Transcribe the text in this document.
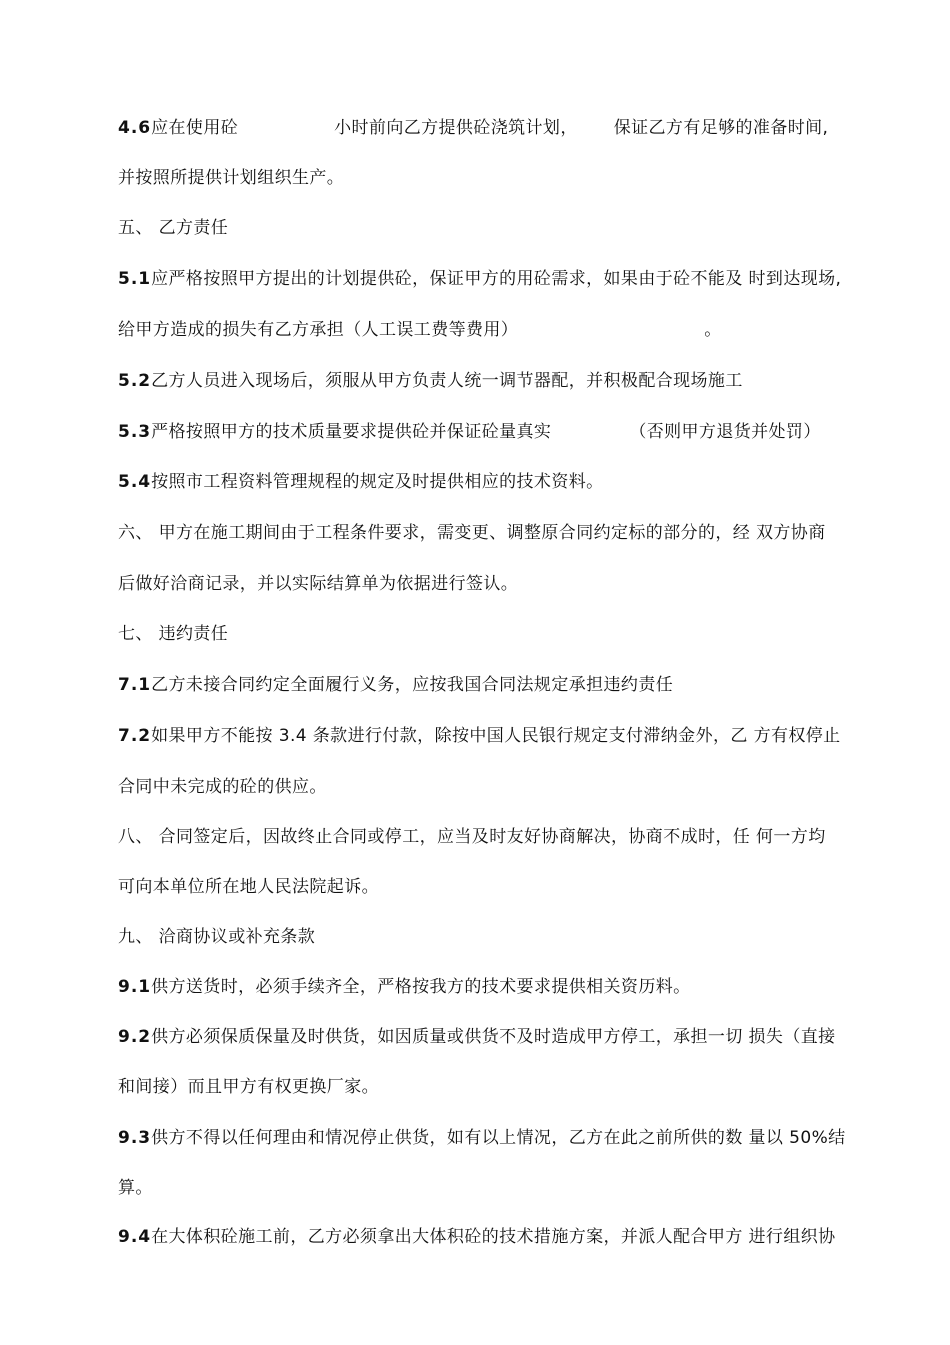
4.6应在使用砼	小时前向乙方提供砼浇筑计划， 保证乙方有足够的准备时间,
并按照所提供计划组织生产。
五、 乙方责任
5.1应严格按照甲方提出的计划提供砼，保证甲方的用砼需求，如果由于砼不能及 时到达现场,
给甲方造成的损失有乙方承担（人工误工费等费用）	。
5.2乙方人员进入现场后，须服从甲方负责人统一调节器配，并积极配合现场施工
5.3严格按照甲方的技术质量要求提供砼并保证砼量真实	（否则甲方退货并处罚）
5.4按照市工程资料管理规程的规定及时提供相应的技术资料。
六、 甲方在施工期间由于工程条件要求，需变更、调整原合同约定标的部分的，经 双方协商
后做好洽商记录，并以实际结算单为依据进行签认。
七、 违约责任
7.1乙方未接合同约定全面履行义务，应按我国合同法规定承担违约责任
7.2如果甲方不能按 3.4 条款进行付款，除按中国人民银行规定支付滞纳金外，乙 方有权停止
合同中未完成的砼的供应。
八、 合同签定后，因故终止合同或停工，应当及时友好协商解决，协商不成时，任 何一方均
可向本单位所在地人民法院起诉。
九、 洽商协议或补充条款
9.1供方送货时，必须手续齐全，严格按我方的技术要求提供相关资历料。
9.2供方必须保质保量及时供货，如因质量或供货不及时造成甲方停工，承担一切 损失（直接
和间接）而且甲方有权更换厂家。
9.3供方不得以任何理由和情况停止供货，如有以上情况，乙方在此之前所供的数 量以 50%结
算。
9.4在大体积砼施工前，乙方必须拿出大体积砼的技术措施方案，并派人配合甲方 进行组织协
